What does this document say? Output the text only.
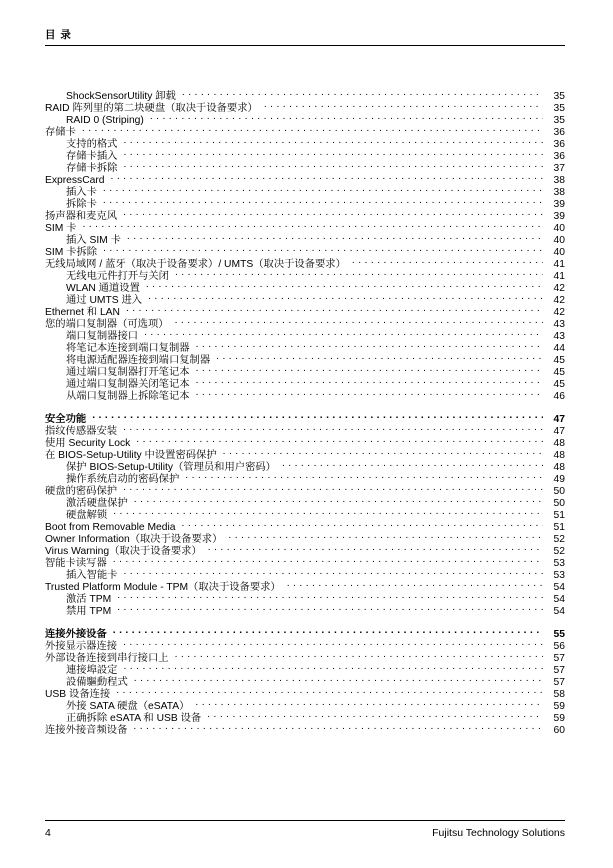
目 录
ShockSensorUtility 卸载 . . .	35
RAID 阵列里的第二块硬盘（取决于设备要求） . . .	35
RAID 0 (Striping) . . .	35
存储卡 . . .	36
支持的格式 . . .	36
存储卡插入 . . .	36
存储卡拆除 . . .	37
ExpressCard . . .	38
插入卡 . . .	38
拆除卡 . . .	39
扬声器和麦克风 . . .	39
SIM 卡 . . .	40
插入 SIM 卡 . . .	40
SIM 卡拆除 . . .	40
无线局域网 / 蓝牙（取决于设备要求）/ UMTS（取决于设备要求） . . .	41
无线电元件打开与关闭 . . .	41
WLAN 通道设置 . . .	42
通过 UMTS 进入 . . .	42
Ethernet 和 LAN . . .	42
您的端口复制器（可选项） . . .	43
端口复制器接口 . . .	43
将笔记本连接到端口复制器 . . .	44
将电源适配器连接到端口复制器 . . .	45
通过端口复制器打开笔记本 . . .	45
通过端口复制器关闭笔记本 . . .	45
从端口复制器上拆除笔记本 . . .	46
安全功能 . . .	47
指纹传感器安装 . . .	47
使用 Security Lock . . .	48
在 BIOS-Setup-Utility 中设置密码保护 . . .	48
保护 BIOS-Setup-Utility（管理员和用户密码） . . .	48
操作系统启动的密码保护 . . .	49
硬盘的密码保护 . . .	50
激活硬盘保护 . . .	50
硬盘解锁 . . .	51
Boot from Removable Media . . .	51
Owner Information（取决于设备要求） . . .	52
Virus Warning（取决于设备要求） . . .	52
智能卡读写器 . . .	53
插入智能卡 . . .	53
Trusted Platform Module - TPM（取决于设备要求） . . .	54
激活 TPM . . .	54
禁用 TPM . . .	54
连接外接设备 . . .	55
外接显示器连接 . . .	56
外部设备连接到串行接口上 . . .	57
連接埠設定 . . .	57
設備驅動程式 . . .	57
USB 设备连接 . . .	58
外接 SATA 硬盘（eSATA） . . .	59
正确拆除 eSATA 和 USB 设备 . . .	59
连接外接音频设备 . . .	60
4	Fujitsu Technology Solutions
